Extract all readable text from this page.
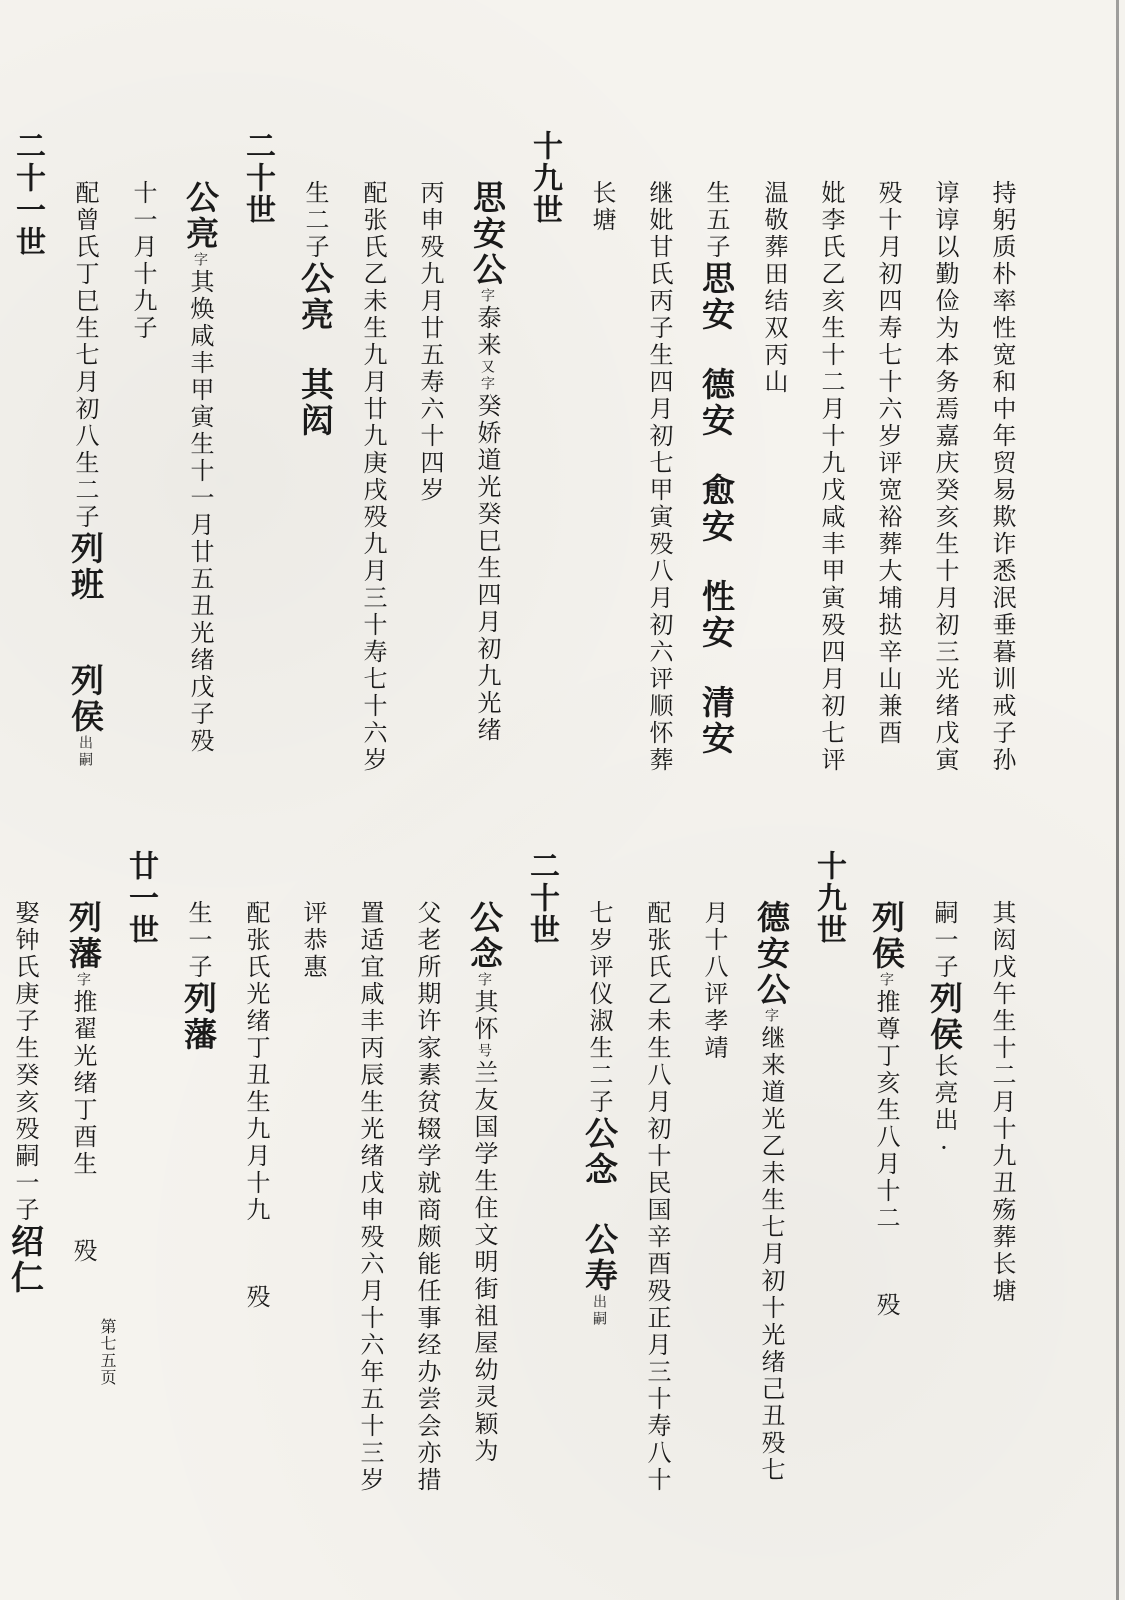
持躬质朴率性宽和中年贸易欺诈悉泯垂暮训戒子孙
谆谆以勤俭为本务焉嘉庆癸亥生十月初三光绪戊寅
殁十月初四寿七十六岁评宽裕葬大埔挞辛山兼酉
妣李氏乙亥生十二月十九戊咸丰甲寅殁四月初七评
温敬葬田结双丙山
生五子思安德安愈安性安清安
继妣甘氏丙子生四月初七甲寅殁八月初六评顺怀葬
长塘
十九世
思安公字泰来又字癸娇道光癸巳生四月初九光绪
丙申殁九月廿五寿六十四岁
配张氏乙未生九月廿九庚戌殁九月三十寿七十六岁
生二子公亮其闳
二十世
公亮字其焕咸丰甲寅生十一月廿五丑光绪戊子殁
十一月十九子
配曾氏丁巳生七月初八生二子列班列侯出嗣
二十一世
其闳戊午生十二月十九丑殇葬长塘
嗣一子列侯长亮出·
列侯字推尊丁亥生八月十二殁
十九世
德安公字继来道光乙未生七月初十光绪己丑殁七
月十八评孝靖
配张氏乙未生八月初十民国辛酉殁正月三十寿八十
七岁评仪淑生二子公念公寿出嗣
二十世
公念字其怀号兰友国学生住文明街祖屋幼灵颖为
父老所期许家素贫辍学就商颇能任事经办尝会亦措
置适宜咸丰丙辰生光绪戊申殁六月十六年五十三岁
评恭惠
配张氏光绪丁丑生九月十九殁
生一子列藩
廿一世
列藩字推翟光绪丁酉生殁
娶钟氏庚子生癸亥殁嗣一子绍仁
第七五页
